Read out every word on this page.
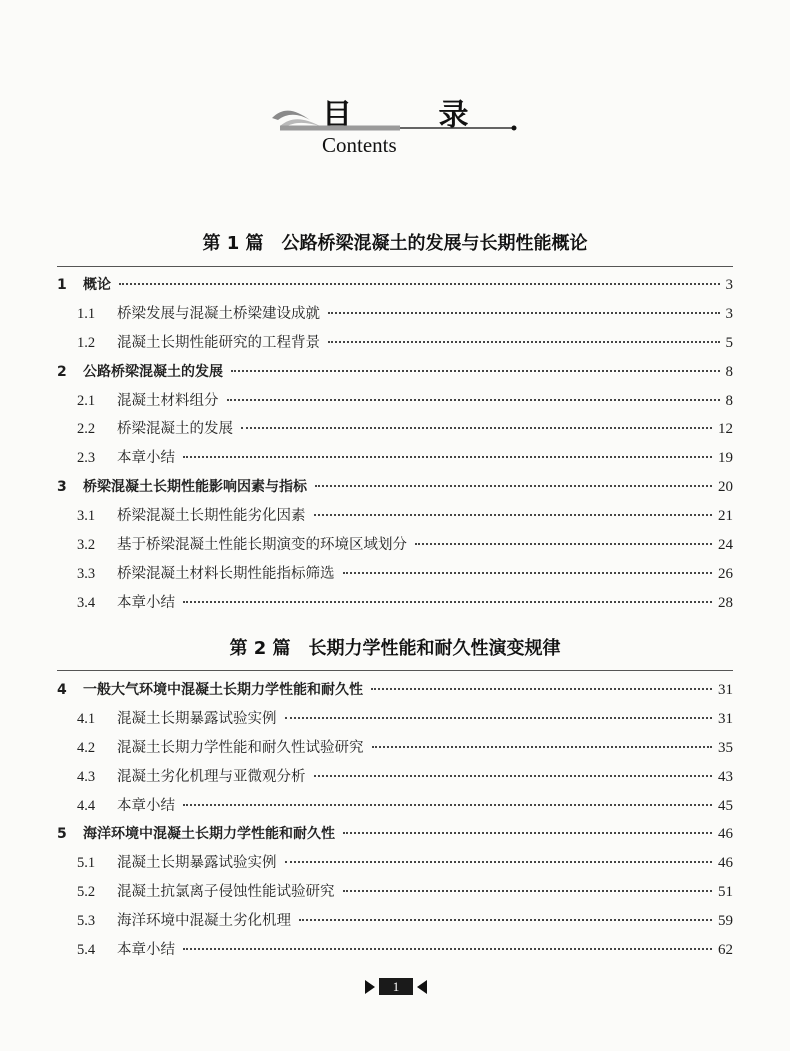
目 录
Contents
第 1 篇　公路桥梁混凝土的发展与长期性能概论
1	概论	3
1.1	桥梁发展与混凝土桥梁建设成就	3
1.2	混凝土长期性能研究的工程背景	5
2	公路桥梁混凝土的发展	8
2.1	混凝土材料组分	8
2.2	桥梁混凝土的发展	12
2.3	本章小结	19
3	桥梁混凝土长期性能影响因素与指标	20
3.1	桥梁混凝土长期性能劣化因素	21
3.2	基于桥梁混凝土性能长期演变的环境区域划分	24
3.3	桥梁混凝土材料长期性能指标筛选	26
3.4	本章小结	28
第 2 篇　长期力学性能和耐久性演变规律
4	一般大气环境中混凝土长期力学性能和耐久性	31
4.1	混凝土长期暴露试验实例	31
4.2	混凝土长期力学性能和耐久性试验研究	35
4.3	混凝土劣化机理与亚微观分析	43
4.4	本章小结	45
5	海洋环境中混凝土长期力学性能和耐久性	46
5.1	混凝土长期暴露试验实例	46
5.2	混凝土抗氯离子侵蚀性能试验研究	51
5.3	海洋环境中混凝土劣化机理	59
5.4	本章小结	62
1
